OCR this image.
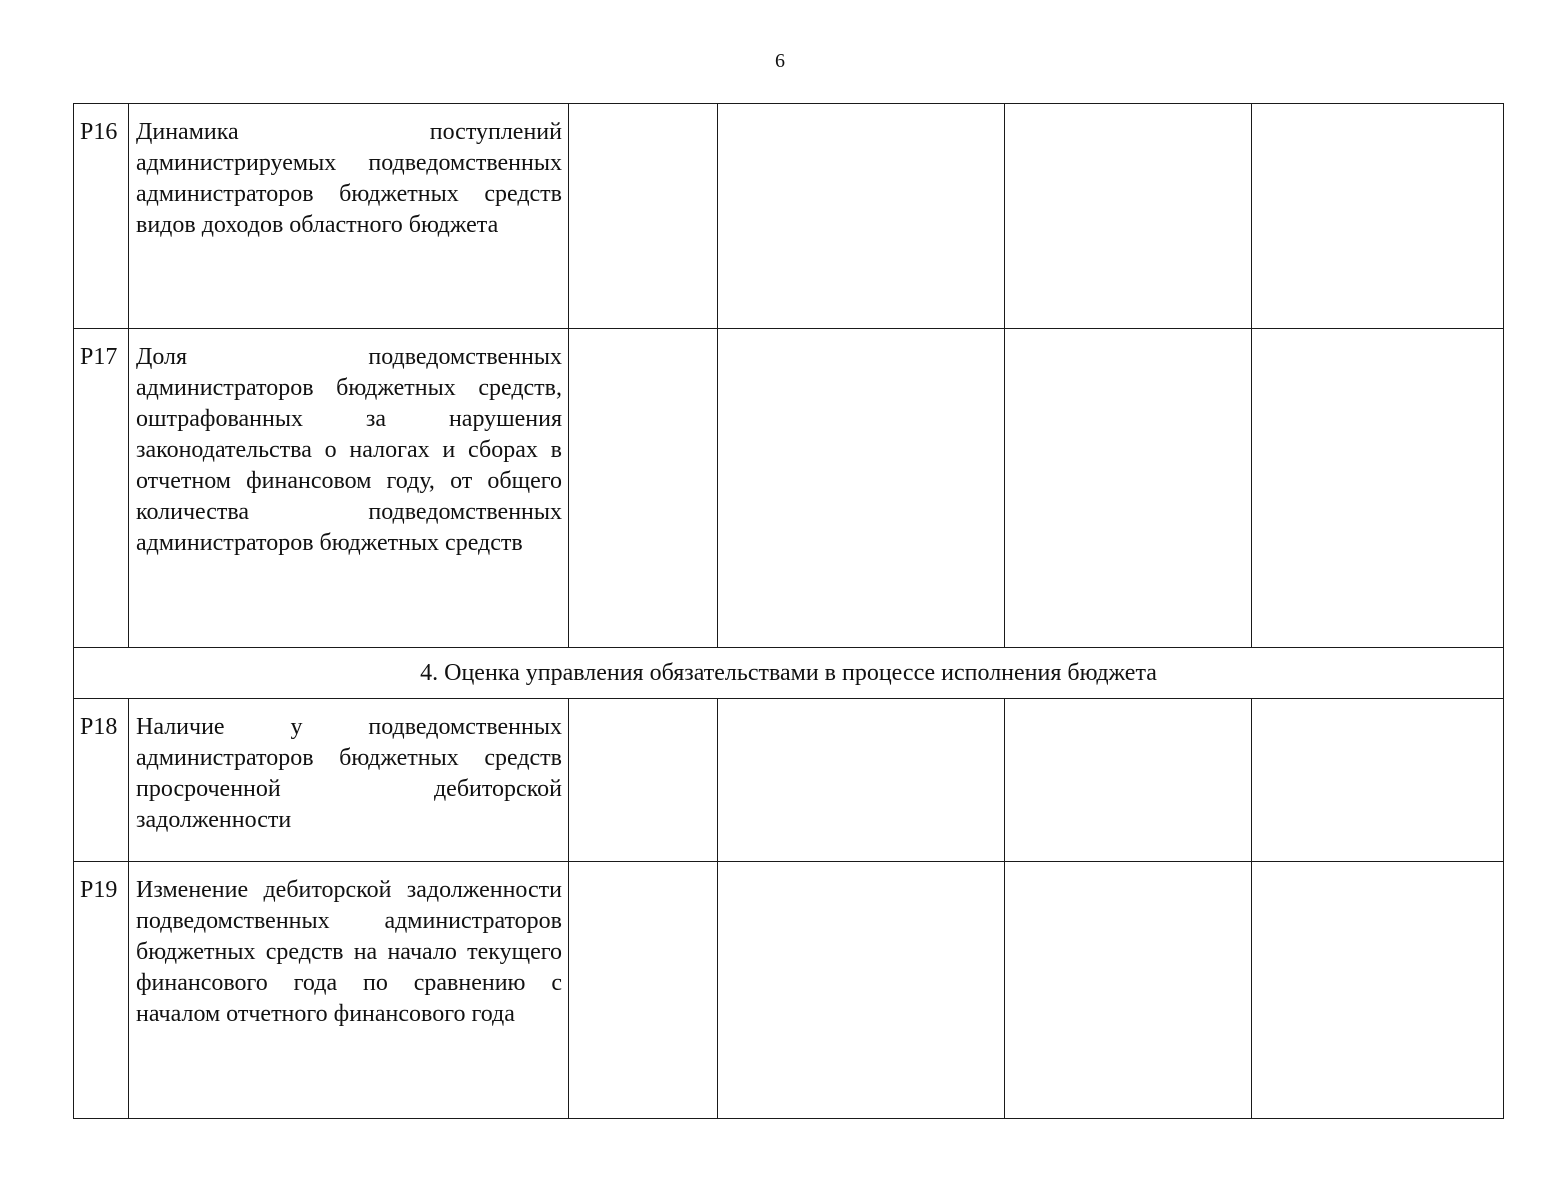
6
Р16	Динамика поступлений администрируемых подведомственных администраторов бюджетных средств видов доходов областного бюджета				
Р17	Доля подведомственных администраторов бюджетных средств, оштрафованных за нарушения законодательства о налогах и сборах в отчетном финансовом году, от общего количества подведомственных администраторов бюджетных средств				
4. Оценка управления обязательствами в процессе исполнения бюджета					
Р18	Наличие у подведомственных администраторов бюджетных средств просроченной дебиторской задолженности				
Р19	Изменение дебиторской задолженности подведомственных администраторов бюджетных средств на начало текущего финансового года по сравнению с началом отчетного финансового года				
